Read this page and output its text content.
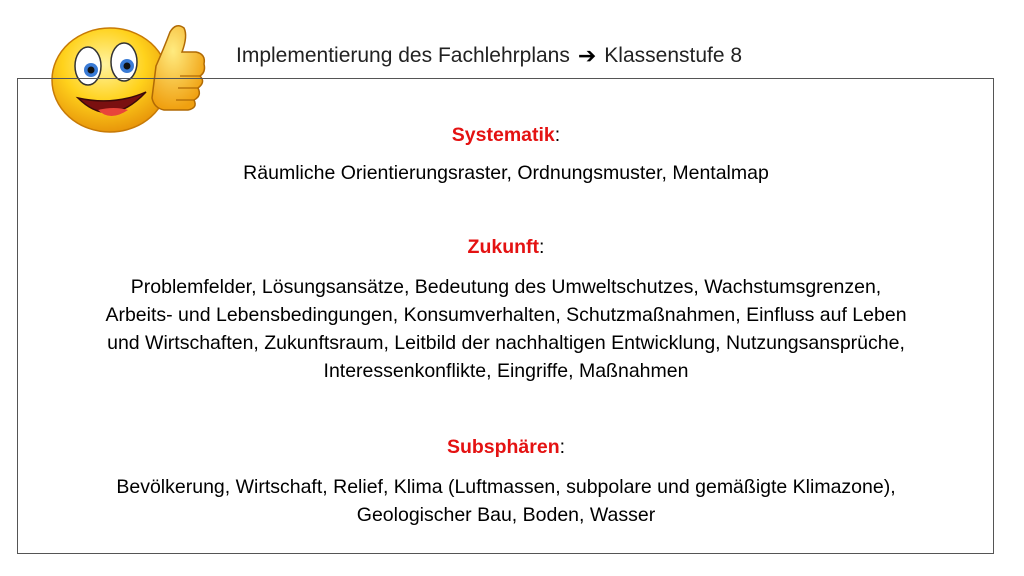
Implementierung des Fachlehrplans ➔ Klassenstufe 8
Systematik:
Räumliche Orientierungsraster, Ordnungsmuster, Mentalmap
Zukunft:
Problemfelder, Lösungsansätze, Bedeutung des Umweltschutzes, Wachstumsgrenzen,
Arbeits- und Lebensbedingungen, Konsumverhalten, Schutzmaßnahmen, Einfluss auf Leben
und Wirtschaften, Zukunftsraum, Leitbild der nachhaltigen Entwicklung, Nutzungsansprüche,
Interessenkonflikte, Eingriffe, Maßnahmen
Subsphären:
Bevölkerung, Wirtschaft, Relief, Klima (Luftmassen, subpolare und gemäßigte Klimazone),
Geologischer Bau, Boden, Wasser
